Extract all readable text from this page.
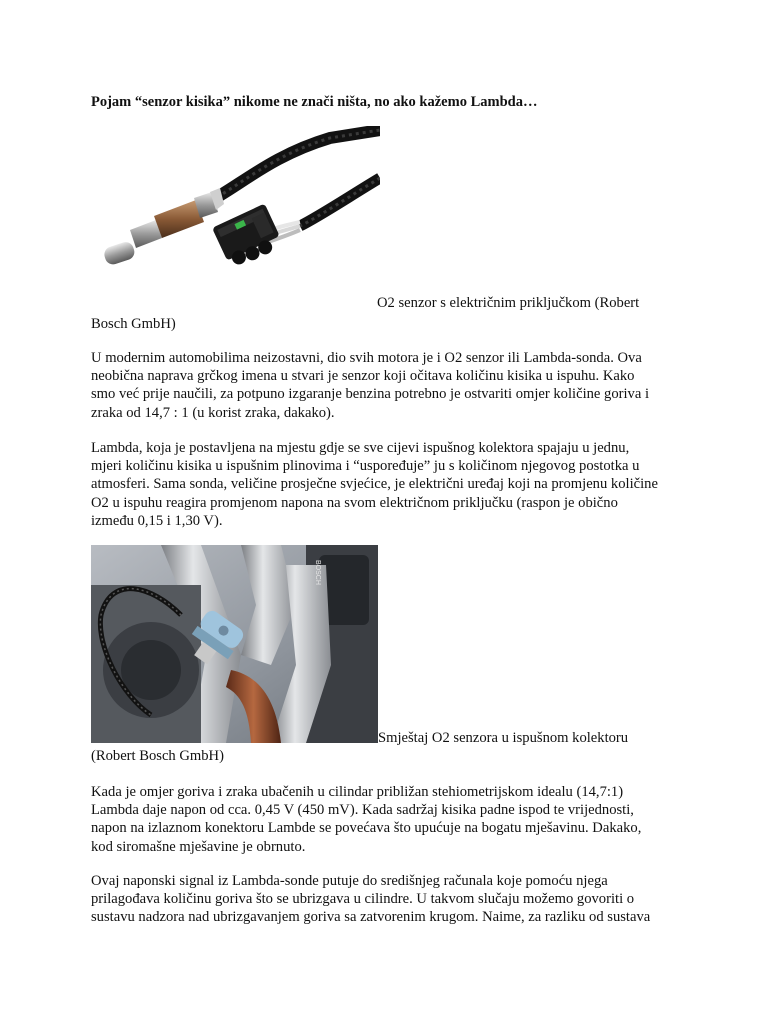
Pojam “senzor kisika” nikome ne znači ništa, no ako kažemo Lambda…
O2 senzor s električnim priključkom (Robert
Bosch GmbH)
U modernim automobilima neizostavni, dio svih motora je i O2 senzor ili Lambda-sonda. Ova
neobična naprava grčkog imena u stvari je senzor koji očitava količinu kisika u ispuhu. Kako
smo već prije naučili, za potpuno izgaranje benzina potrebno je ostvariti omjer količine goriva i
zraka od 14,7 : 1 (u korist zraka, dakako).
Lambda, koja je postavljena na mjestu gdje se sve cijevi ispušnog kolektora spajaju u jednu,
mjeri količinu kisika u ispušnim plinovima i “uspoređuje” ju s količinom njegovog postotka u
atmosferi. Sama sonda, veličine prosječne svjećice, je električni uređaj koji na promjenu količine
O2 u ispuhu reagira promjenom napona na svom električnom priključku (raspon je obično
između 0,15 i 1,30 V).
BOSCH
Smještaj O2 senzora u ispušnom kolektoru
(Robert Bosch GmbH)
Kada je omjer goriva i zraka ubačenih u cilindar približan stehiometrijskom idealu (14,7:1)
Lambda daje napon od cca. 0,45 V (450 mV). Kada sadržaj kisika padne ispod te vrijednosti,
napon na izlaznom konektoru Lambde se povećava što upućuje na bogatu mješavinu. Dakako,
kod siromašne mješavine je obrnuto.
Ovaj naponski signal iz Lambda-sonde putuje do središnjeg računala koje pomoću njega
prilagođava količinu goriva što se ubrizgava u cilindre. U takvom slučaju možemo govoriti o
sustavu nadzora nad ubrizgavanjem goriva sa zatvorenim krugom. Naime, za razliku od sustava
